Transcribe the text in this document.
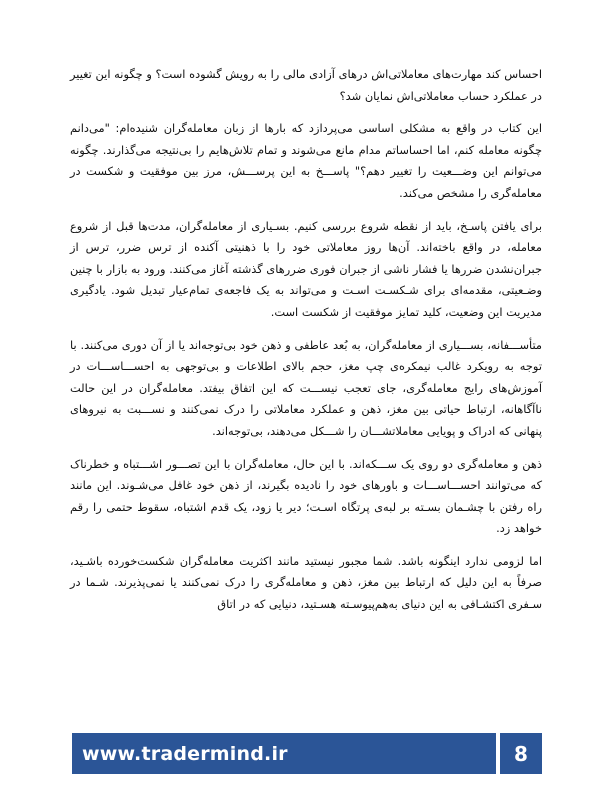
احساس کند مهارت‌های معاملاتی‌اش درهای آزادی مالی را به رویش گشوده است؟ و چگونه این تغییر در عملکرد حساب معاملاتی‌اش نمایان شد؟

این کتاب در واقع به مشکلی اساسی می‌پردازد که بارها از زبان معامله‌گران شنیده‌ام: "می‌دانم چگونه معامله کنم، اما احساساتم مدام مانع می‌شوند و تمام تلاش‌هایم را بی‌نتیجه می‌گذارند. چگونه می‌توانم این وضـــعیت را تغییر دهم؟" پاســـخ به این پرســـش، مرز بین موفقیت و شکست در معامله‌گری را مشخص می‌کند.

برای یافتن پاسـخ، باید از نقطه شروع بررسی کنیم. بسـیاری از معامله‌گران، مدت‌ها قبل از شروع معامله، در واقع باخته‌اند. آن‌ها روز معاملاتی خود را با ذهنیتی آکنده از ترس ضرر، ترس از جبران‌نشدن ضررها یا فشار ناشی از جبران فوری ضررهای گذشته آغاز می‌کنند. ورود به بازار با چنین وضـعیتی، مقدمه‌ای برای شـکسـت اسـت و می‌تواند به یک فاجعه‌ی تمام‌عیار تبدیل شود. یادگیری مدیریت این وضعیت، کلید تمایز موفقیت از شکست است.

متأســـفانه، بســـیاری از معامله‌گران، به بُعد عاطفی و ذهن خود بی‌توجه‌اند یا از آن دوری می‌کنند. با توجه به رویکرد غالب نیمکره‌ی چپ مغز، حجم بالای اطلاعات و بی‌توجهی به احســـاســـات در آموزش‌های رایج معامله‌گری، جای تعجب نیســـت که این اتفاق بیفتد. معامله‌گران در این حالت ناآگاهانه، ارتباط حیاتی بین مغز، ذهن و عملکرد معاملاتی را درک نمی‌کنند و نســـبت به نیروهای پنهانی که ادراک و پویایی معاملاتشـــان را شـــکل می‌دهند، بی‌توجه‌اند.

ذهن و معامله‌گری دو روی یک ســـکه‌اند. با این حال، معامله‌گران با این تصـــور اشـــتباه و خطرناک که می‌توانند احســـاســـات و باورهای خود را نادیده بگیرند، از ذهن خود غافل می‌شـوند. این مانند راه رفتن با چشـمان بسـته بر لبه‌ی پرتگاه اسـت؛ دیر یا زود، یک قدم اشتباه، سقوط حتمی را رقم خواهد زد.

اما لزومی ندارد اینگونه باشد. شما مجبور نیستید مانند اکثریت معامله‌گران شکست‌خورده باشـید، صرفاً به این دلیل که ارتباط بین مغز، ذهن و معامله‌گری را درک نمی‌کنند یا نمی‌پذیرند. شـما در سـفری اکتشـافی به این دنیای به‌هم‌پیوسـته هسـتید، دنیایی که در اتاق

www.tradermind.ir	8
